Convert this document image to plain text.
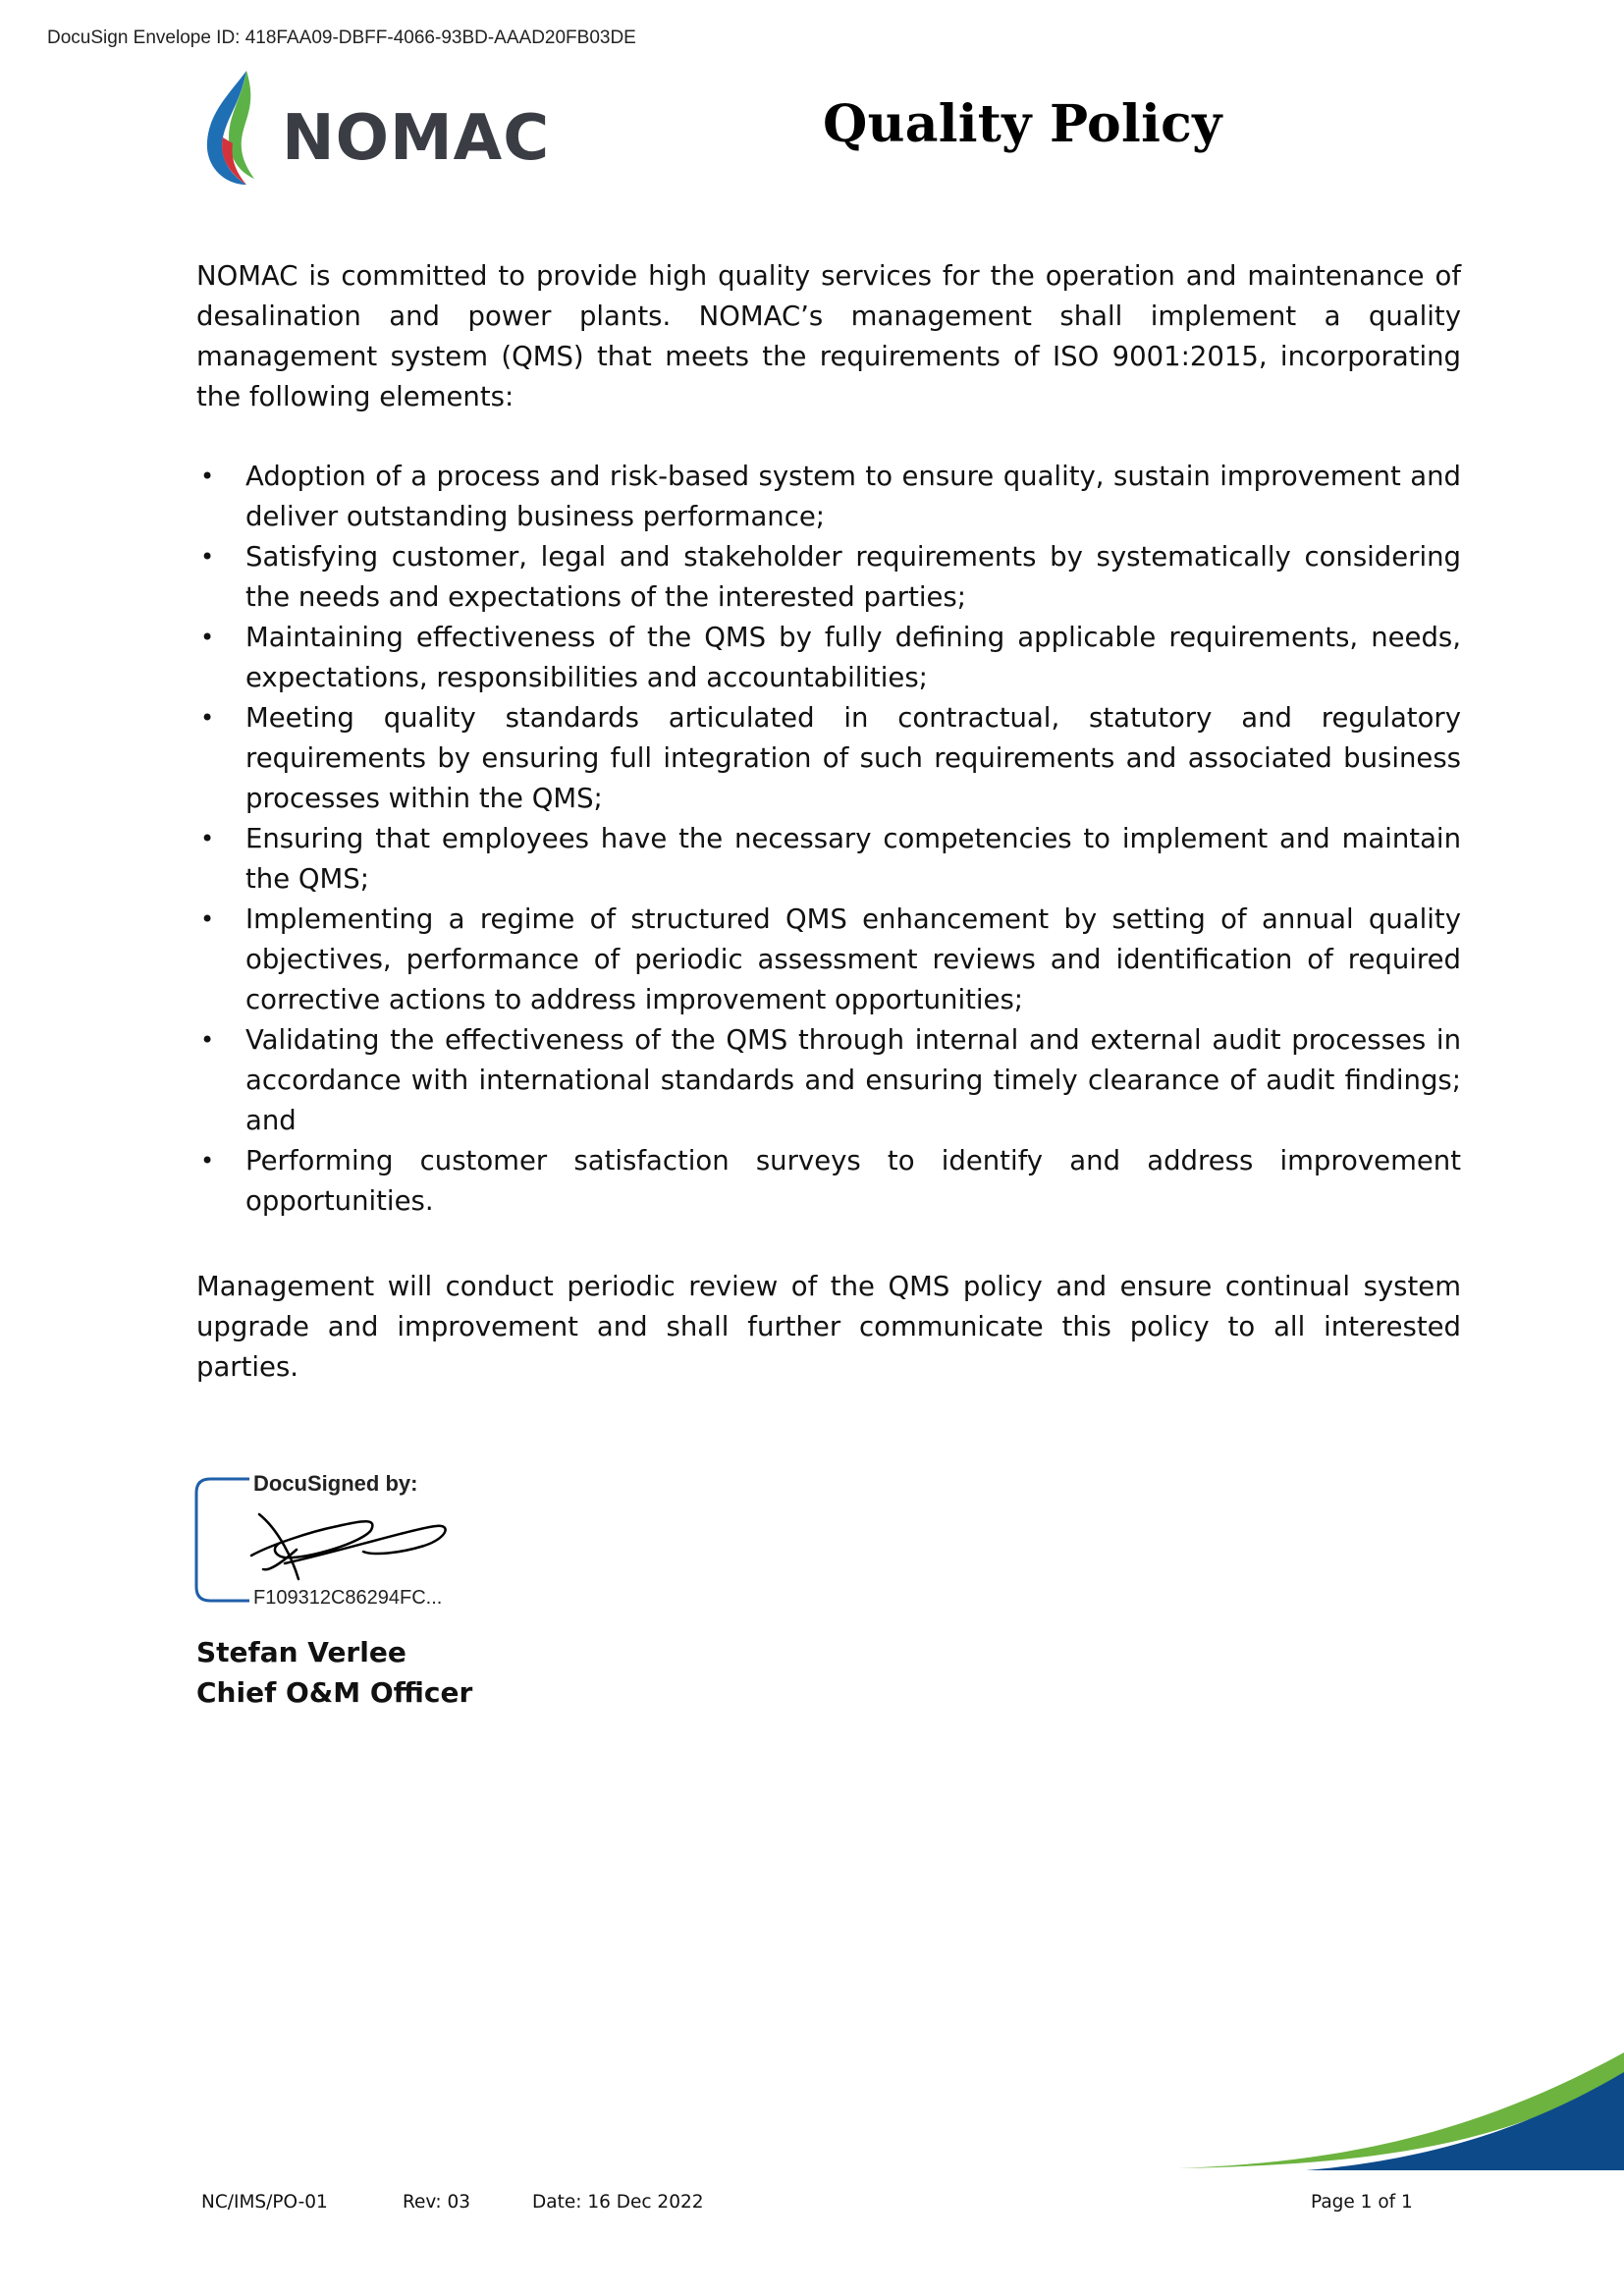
DocuSign Envelope ID: 418FAA09-DBFF-4066-93BD-AAAD20FB03DE
NOMAC	Quality Policy
NOMAC is committed to provide high quality services for the operation and maintenance of desalination and power plants. NOMAC’s management shall implement a quality management system (QMS) that meets the requirements of ISO 9001:2015, incorporating the following elements:
• Adoption of a process and risk-based system to ensure quality, sustain improvement and deliver outstanding business performance;
• Satisfying customer, legal and stakeholder requirements by systematically considering the needs and expectations of the interested parties;
• Maintaining effectiveness of the QMS by fully defining applicable requirements, needs, expectations, responsibilities and accountabilities;
• Meeting quality standards articulated in contractual, statutory and regulatory requirements by ensuring full integration of such requirements and associated business processes within the QMS;
• Ensuring that employees have the necessary competencies to implement and maintain the QMS;
• Implementing a regime of structured QMS enhancement by setting of annual quality objectives, performance of periodic assessment reviews and identification of required corrective actions to address improvement opportunities;
• Validating the effectiveness of the QMS through internal and external audit processes in accordance with international standards and ensuring timely clearance of audit findings; and
• Performing customer satisfaction surveys to identify and address improvement opportunities.
Management will conduct periodic review of the QMS policy and ensure continual system upgrade and improvement and shall further communicate this policy to all interested parties.
DocuSigned by:
F109312C86294FC...
Stefan Verlee
Chief O&M Officer
NC/IMS/PO-01	Rev: 03	Date: 16 Dec 2022	Page 1 of 1
